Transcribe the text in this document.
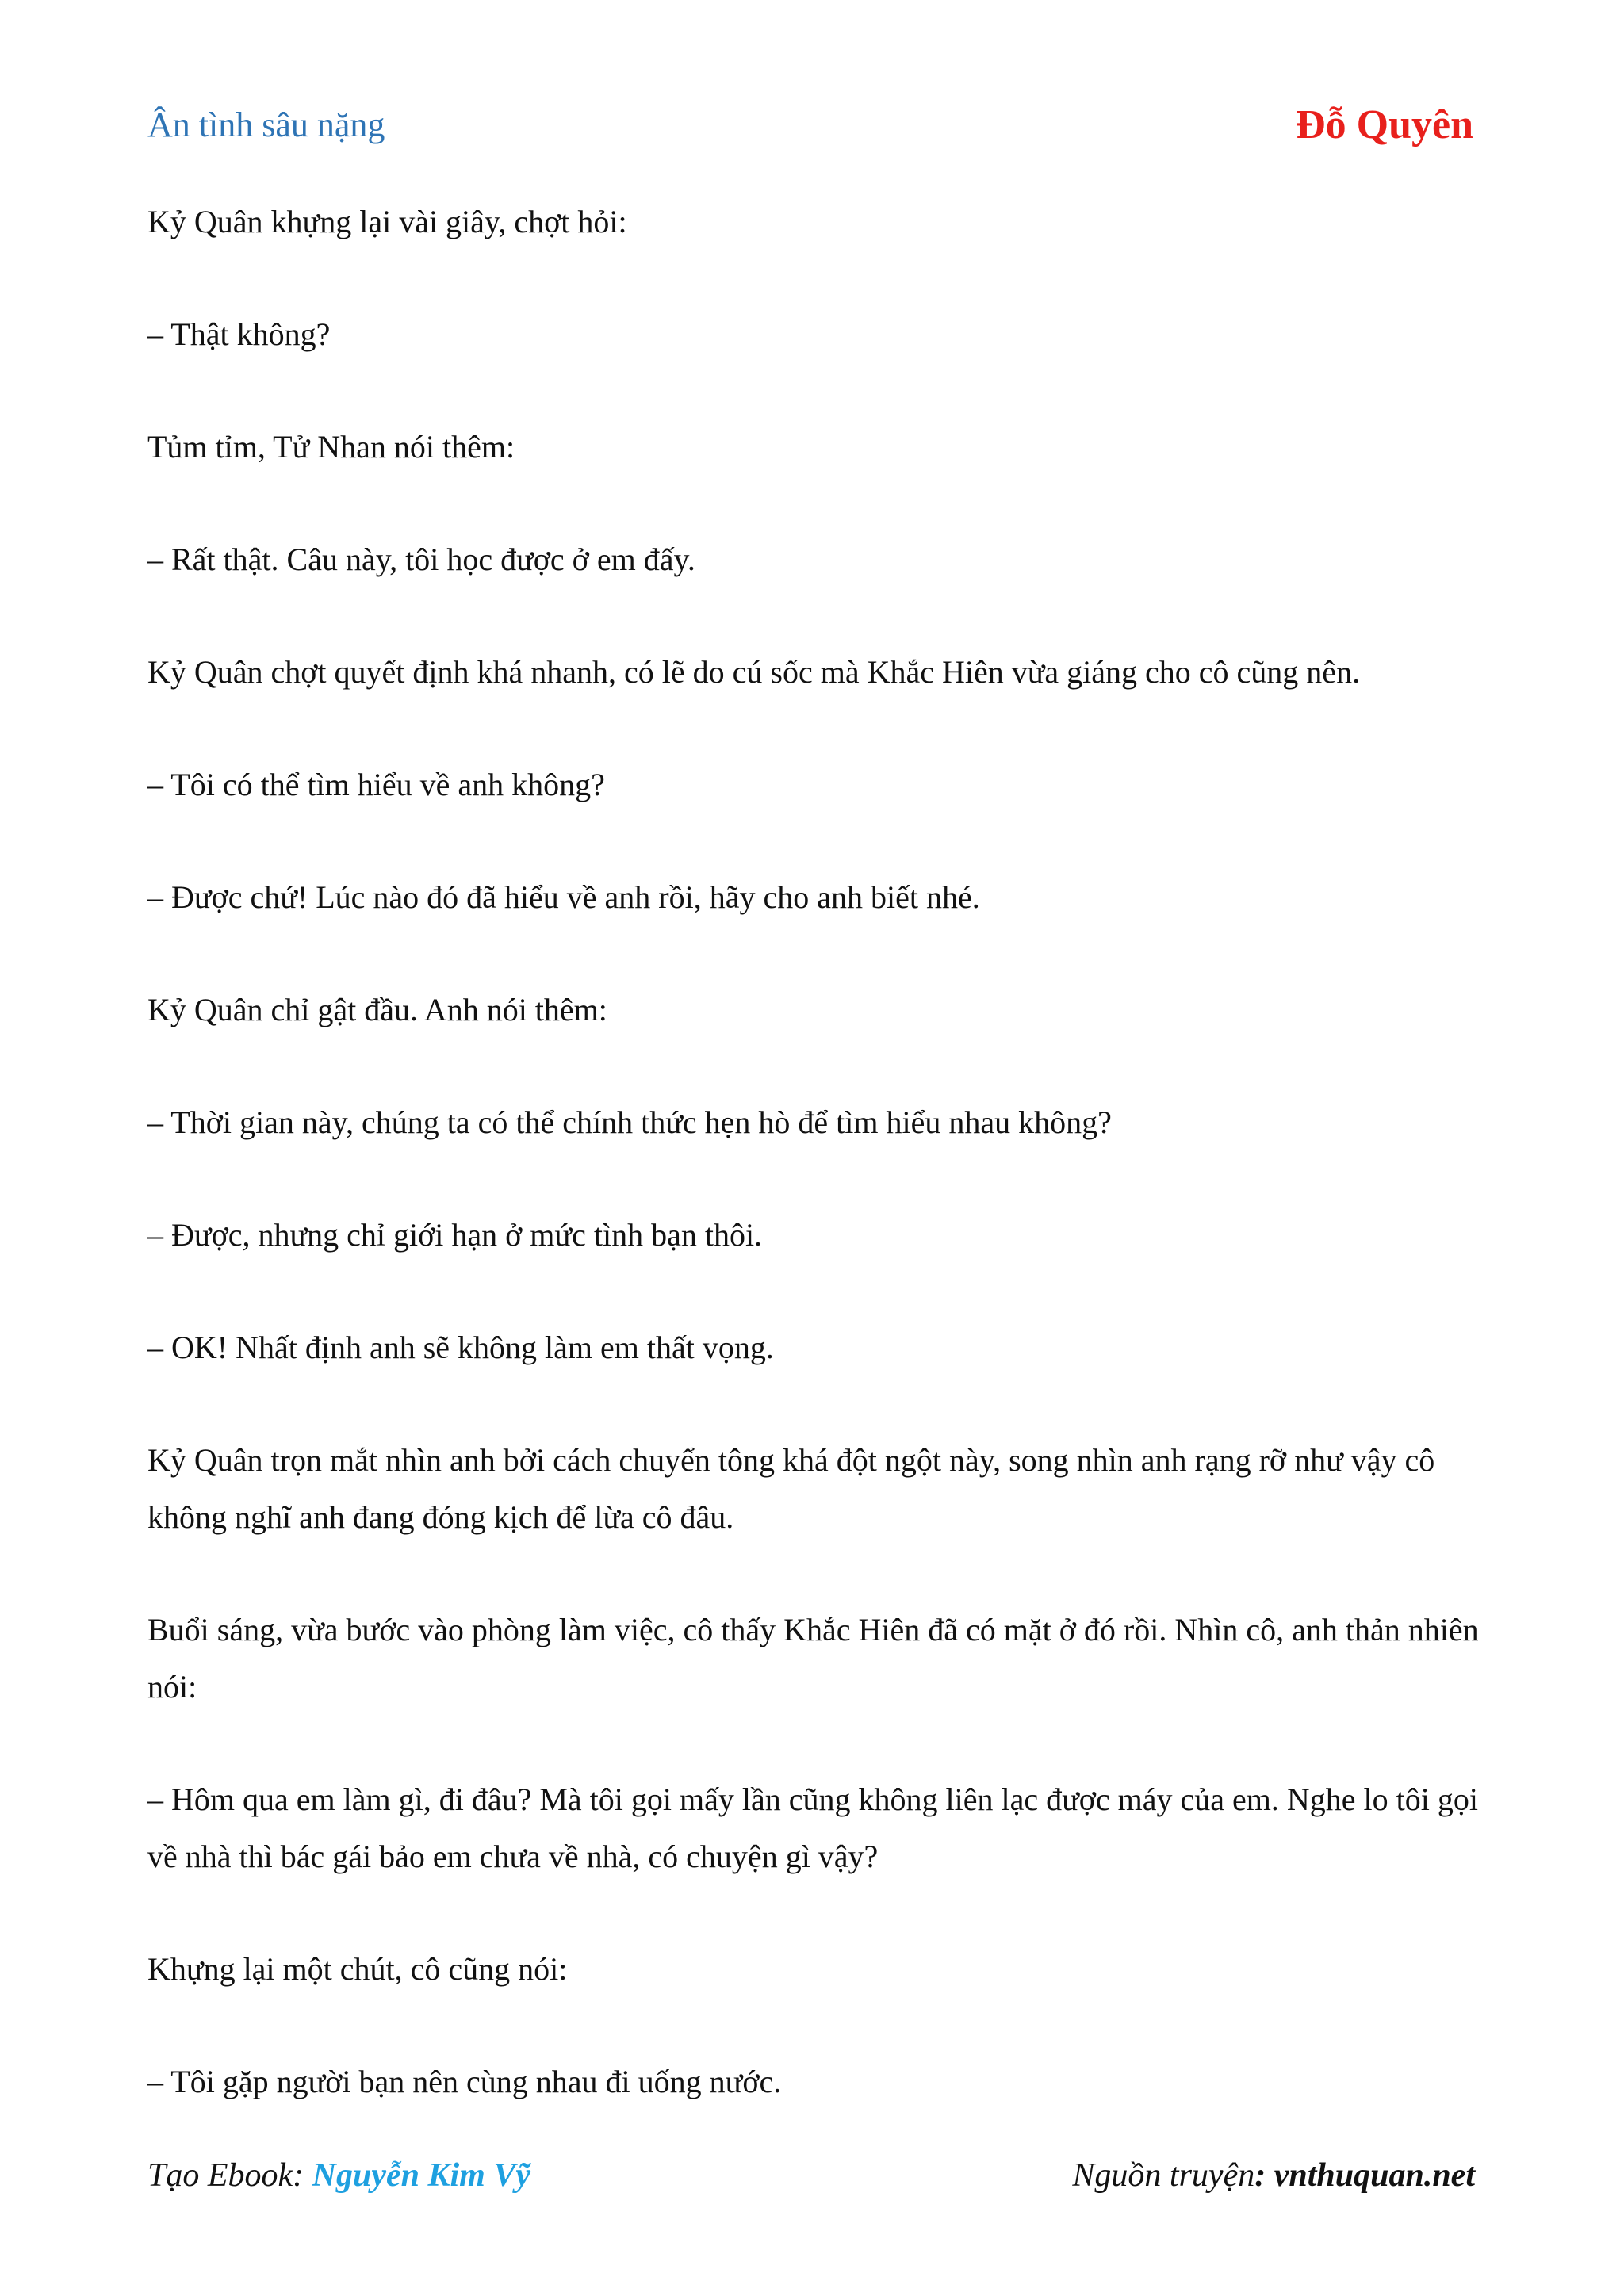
Ân tình sâu nặng	Đỗ Quyên

Kỷ Quân khựng lại vài giây, chợt hỏi:

– Thật không?

Tủm tỉm, Tử Nhan nói thêm:

– Rất thật. Câu này, tôi học được ở em đấy.

Kỷ Quân chợt quyết định khá nhanh, có lẽ do cú sốc mà Khắc Hiên vừa giáng cho cô cũng nên.

– Tôi có thể tìm hiểu về anh không?

– Được chứ! Lúc nào đó đã hiểu về anh rồi, hãy cho anh biết nhé.

Kỷ Quân chỉ gật đầu. Anh nói thêm:

– Thời gian này, chúng ta có thể chính thức hẹn hò để tìm hiểu nhau không?

– Được, nhưng chỉ giới hạn ở mức tình bạn thôi.

– OK! Nhất định anh sẽ không làm em thất vọng.

Kỷ Quân trọn mắt nhìn anh bởi cách chuyển tông khá đột ngột này, song nhìn anh rạng rỡ như vậy cô không nghĩ anh đang đóng kịch để lừa cô đâu.

Buổi sáng, vừa bước vào phòng làm việc, cô thấy Khắc Hiên đã có mặt ở đó rồi. Nhìn cô, anh thản nhiên nói:

– Hôm qua em làm gì, đi đâu? Mà tôi gọi mấy lần cũng không liên lạc được máy của em. Nghe lo tôi gọi về nhà thì bác gái bảo em chưa về nhà, có chuyện gì vậy?

Khựng lại một chút, cô cũng nói:

– Tôi gặp người bạn nên cùng nhau đi uống nước.

Tạo Ebook: Nguyễn Kim Vỹ	Nguồn truyện: vnthuquan.net
